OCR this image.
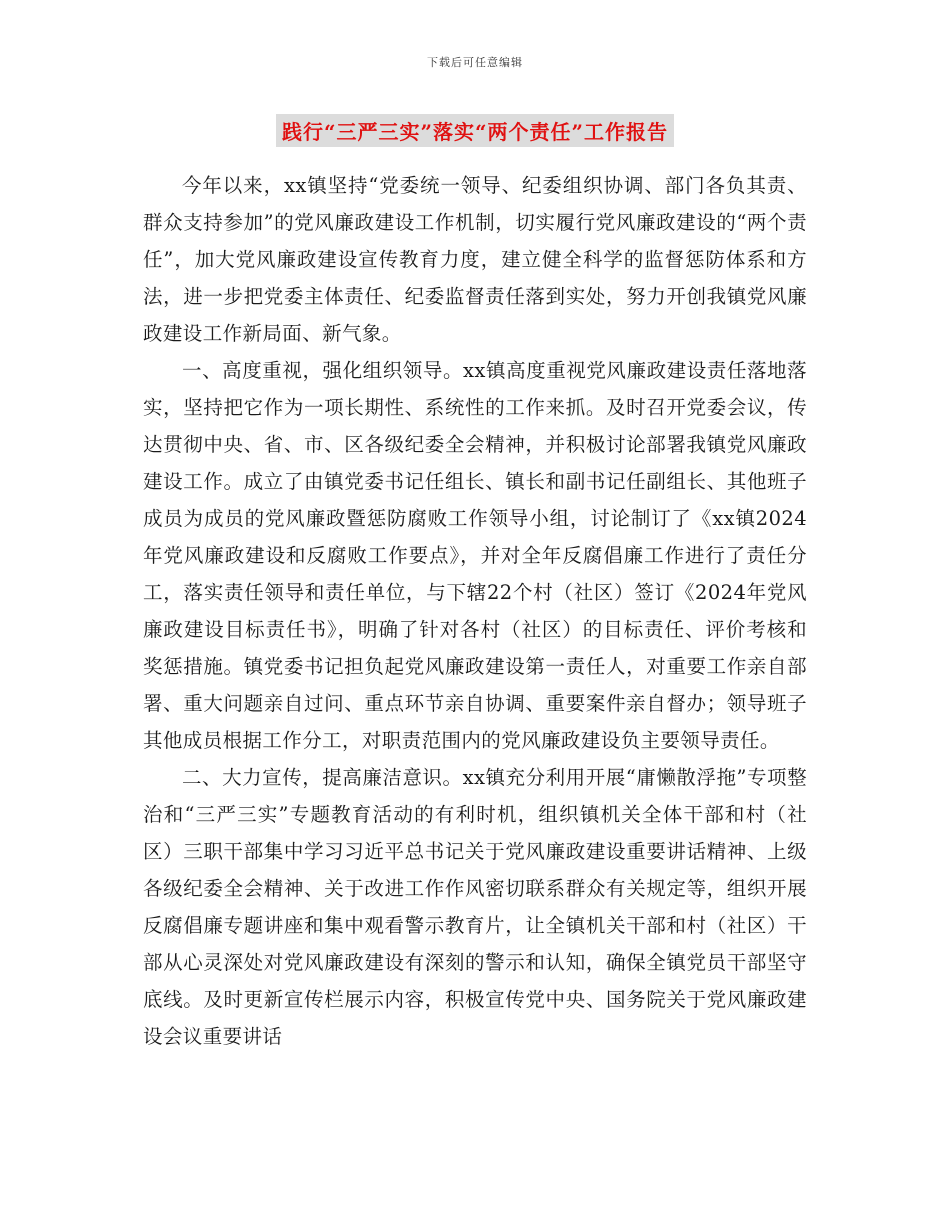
下载后可任意编辑
践行“三严三实”落实“两个责任”工作报告

今年以来，xx镇坚持“党委统一领导、纪委组织协调、部门各负其责、群众支持参加”的党风廉政建设工作机制，切实履行党风廉政建设的“两个责任”，加大党风廉政建设宣传教育力度，建立健全科学的监督惩防体系和方法，进一步把党委主体责任、纪委监督责任落到实处，努力开创我镇党风廉政建设工作新局面、新气象。

一、高度重视，强化组织领导。xx镇高度重视党风廉政建设责任落地落实，坚持把它作为一项长期性、系统性的工作来抓。及时召开党委会议，传达贯彻中央、省、市、区各级纪委全会精神，并积极讨论部署我镇党风廉政建设工作。成立了由镇党委书记任组长、镇长和副书记任副组长、其他班子成员为成员的党风廉政暨惩防腐败工作领导小组，讨论制订了《xx镇2024年党风廉政建设和反腐败工作要点》，并对全年反腐倡廉工作进行了责任分工，落实责任领导和责任单位，与下辖22个村（社区）签订《2024年党风廉政建设目标责任书》，明确了针对各村（社区）的目标责任、评价考核和奖惩措施。镇党委书记担负起党风廉政建设第一责任人，对重要工作亲自部署、重大问题亲自过问、重点环节亲自协调、重要案件亲自督办；领导班子其他成员根据工作分工，对职责范围内的党风廉政建设负主要领导责任。

二、大力宣传，提高廉洁意识。xx镇充分利用开展“庸懒散浮拖”专项整治和“三严三实”专题教育活动的有利时机，组织镇机关全体干部和村（社区）三职干部集中学习习近平总书记关于党风廉政建设重要讲话精神、上级各级纪委全会精神、关于改进工作作风密切联系群众有关规定等，组织开展反腐倡廉专题讲座和集中观看警示教育片，让全镇机关干部和村（社区）干部从心灵深处对党风廉政建设有深刻的警示和认知，确保全镇党员干部坚守底线。及时更新宣传栏展示内容，积极宣传党中央、国务院关于党风廉政建设会议重要讲话
